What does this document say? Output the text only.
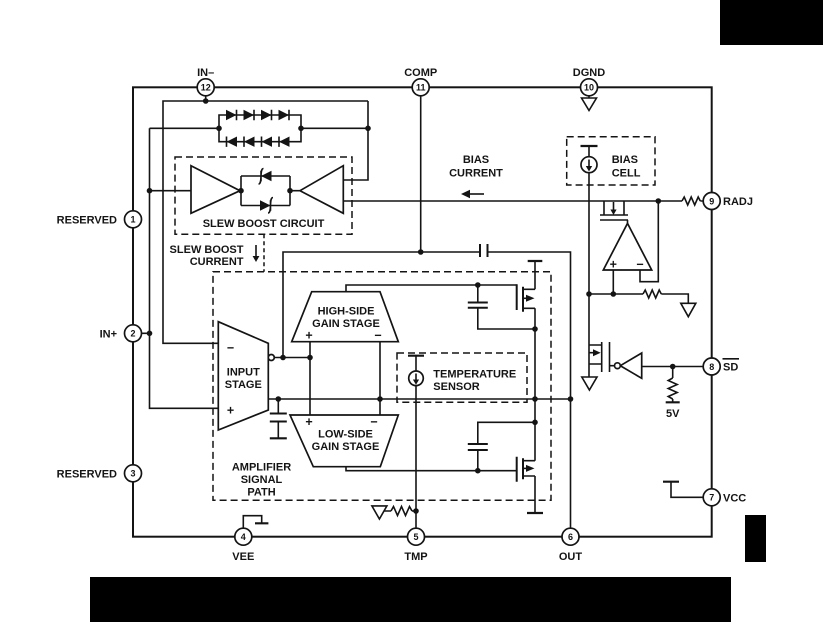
12	11	10
9
8
7
6
5
4
3
2
1
IN–	COMP	DGND
RADJ
SD
VCC
OUT
TMP
VEE
RESERVED
IN+
RESERVED	SLEW BOOST CIRCUIT
SLEW BOOST
CURRENT
BIAS
CURRENT
BIAS
CELL
INPUT
STAGE
HIGH-SIDE
GAIN STAGE
LOW-SIDE
GAIN STAGE
TEMPERATURE
SENSOR
AMPLIFIER
SIGNAL
PATH
5V
−
+
+	−
+	−
+ −
